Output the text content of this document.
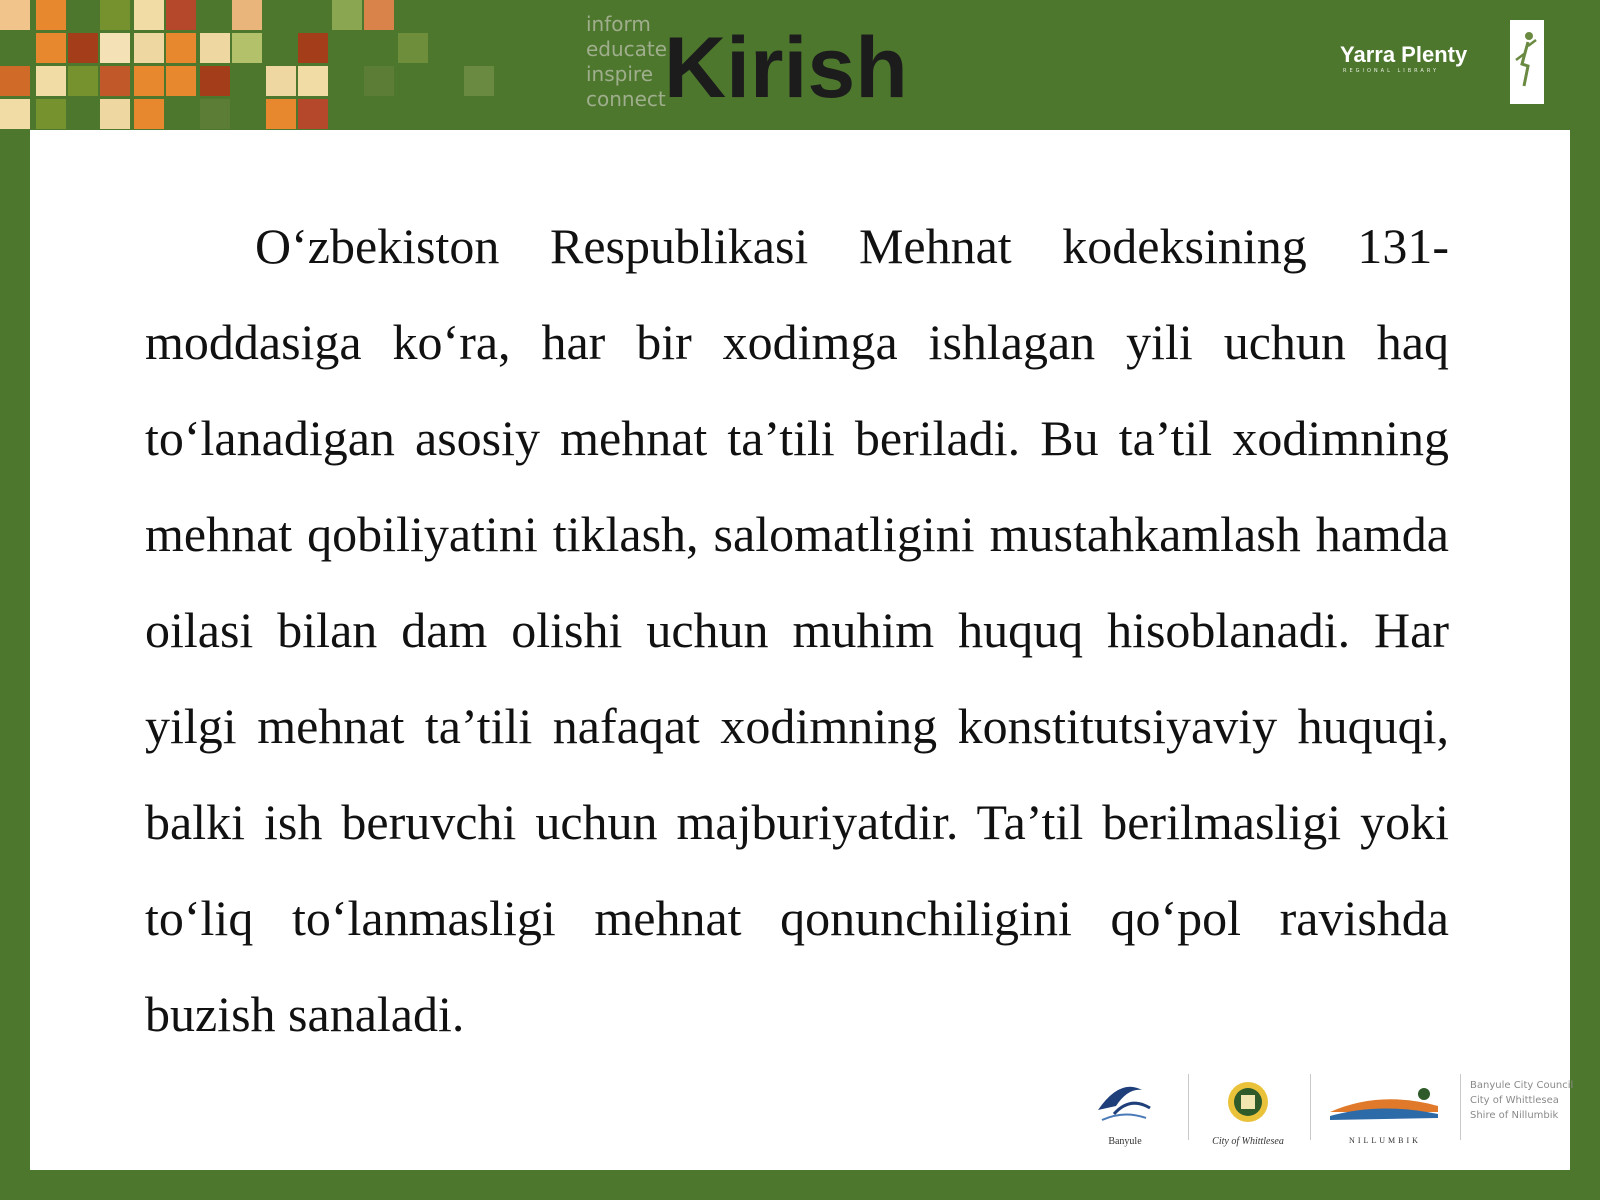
inform
educate
inspire
connect
Kirish	Yarra Plenty
REGIONAL LIBRARY

O‘zbekiston Respublikasi Mehnat kodeksining 131-moddasiga ko‘ra, har bir xodimga ishlagan yili uchun haq to‘lanadigan asosiy mehnat ta’tili beriladi. Bu ta’til xodimning mehnat qobiliyatini tiklash, salomatligini mustahkamlash hamda oilasi bilan dam olishi uchun muhim huquq hisoblanadi. Har yilgi mehnat ta’tili nafaqat xodimning konstitutsiyaviy huquqi, balki ish beruvchi uchun majburiyatdir. Ta’til berilmasligi yoki to‘liq to‘lanmasligi mehnat qonunchiligini qo‘pol ravishda buzish sanaladi.

Banyule	City of Whittlesea	NILLUMBIK
Banyule City Council
City of Whittlesea
Shire of Nillumbik
